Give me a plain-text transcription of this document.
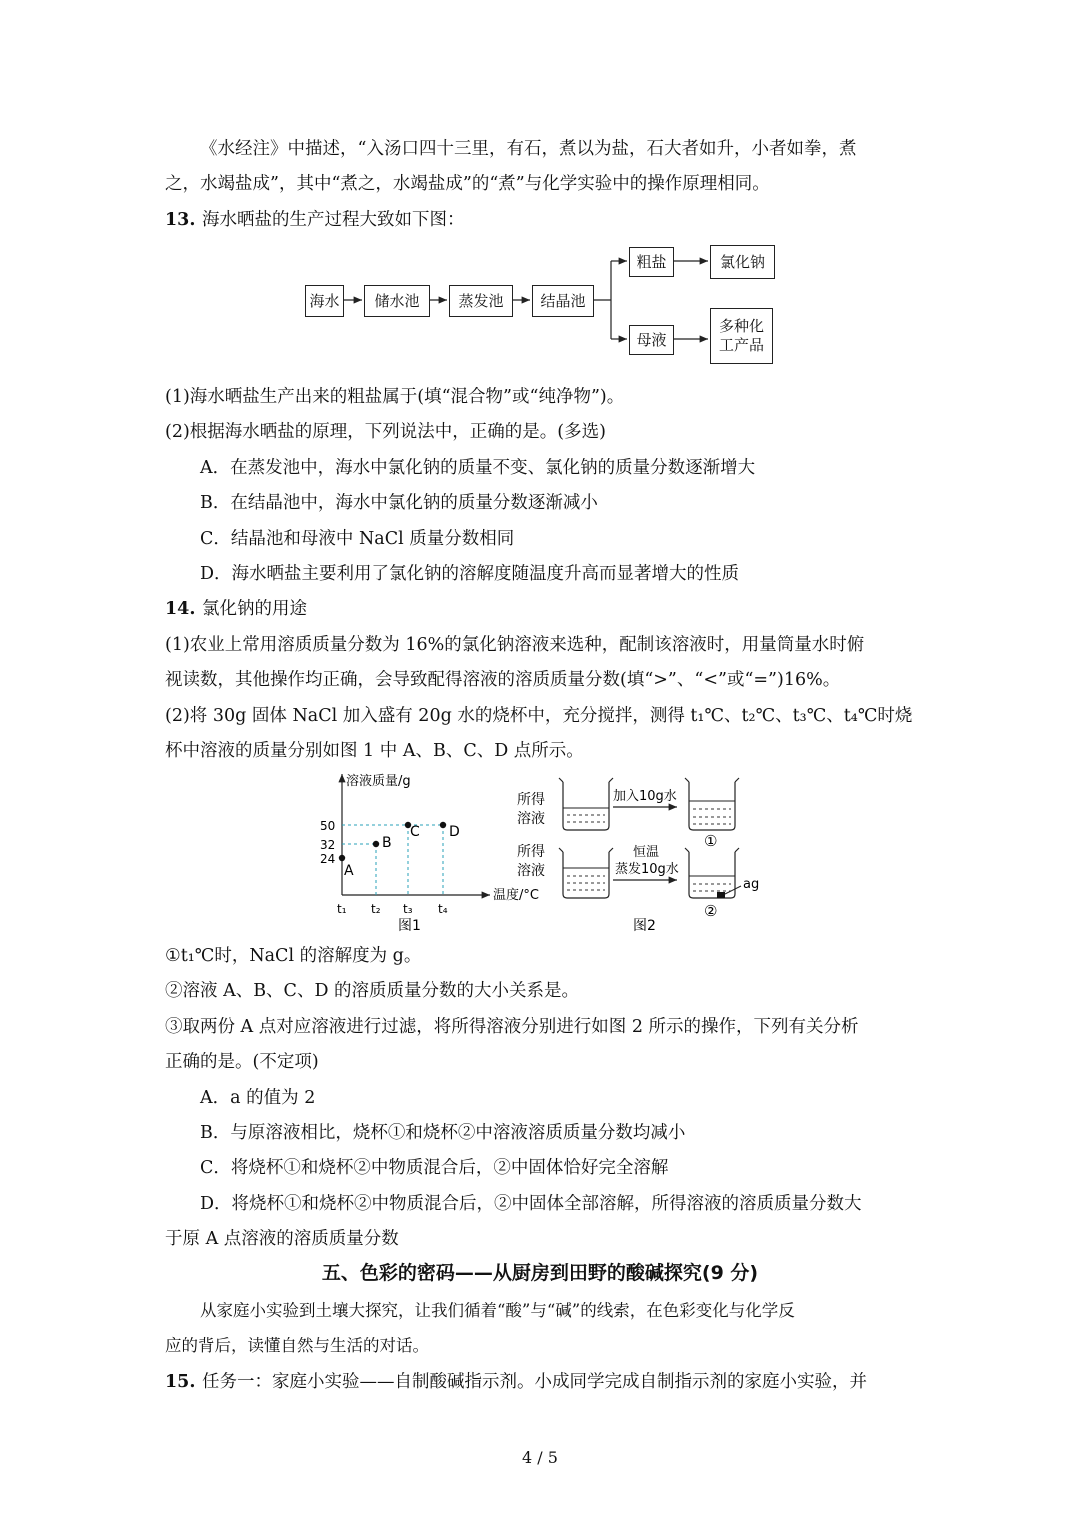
《水经注》中描述，“入汤口四十三里，有石，煮以为盐，石大者如升，小者如拳，煮
之，水竭盐成”，其中“煮之，水竭盐成”的“煮”与化学实验中的操作原理相同。
13. 海水晒盐的生产过程大致如下图：
海水	储水池	蒸发池	结晶池
粗盐	氯化钠
母液
多种化工产品
(1)海水晒盐生产出来的粗盐属于(填“混合物”或“纯净物”)。
(2)根据海水晒盐的原理，下列说法中，正确的是。(多选)
A．在蒸发池中，海水中氯化钠的质量不变、氯化钠的质量分数逐渐增大
B．在结晶池中，海水中氯化钠的质量分数逐渐减小
C．结晶池和母液中 NaCl 质量分数相同
D．海水晒盐主要利用了氯化钠的溶解度随温度升高而显著增大的性质
14. 氯化钠的用途
(1)农业上常用溶质质量分数为 16%的氯化钠溶液来选种，配制该溶液时，用量筒量水时俯
视读数，其他操作均正确，会导致配得溶液的溶质质量分数(填“>”、“<”或“=”)16%。
(2)将 30g 固体 NaCl 加入盛有 20g 水的烧杯中，充分搅拌，测得 t₁℃、t₂℃、t₃℃、t₄℃时烧
杯中溶液的质量分别如图 1 中 A、B、C、D 点所示。
溶液质量/g
温度/°C
50
32
24
t₁ t₂ t₃ t₄
A
B
C D
图1
所得
溶液
所得
溶液
加入10g水
恒温
蒸发10g水
①
②
ag
图2
①t₁℃时，NaCl 的溶解度为 g。
②溶液 A、B、C、D 的溶质质量分数的大小关系是。
③取两份 A 点对应溶液进行过滤，将所得溶液分别进行如图 2 所示的操作，下列有关分析
正确的是。(不定项)
A．a 的值为 2
B．与原溶液相比，烧杯①和烧杯②中溶液溶质质量分数均减小
C．将烧杯①和烧杯②中物质混合后，②中固体恰好完全溶解
D．将烧杯①和烧杯②中物质混合后，②中固体全部溶解，所得溶液的溶质质量分数大
于原 A 点溶液的溶质质量分数
五、色彩的密码——从厨房到田野的酸碱探究(9 分)
从家庭小实验到土壤大探究，让我们循着“酸”与“碱”的线索，在色彩变化与化学反
应的背后，读懂自然与生活的对话。
15. 任务一：家庭小实验——自制酸碱指示剂。小成同学完成自制指示剂的家庭小实验，并
4 / 5
